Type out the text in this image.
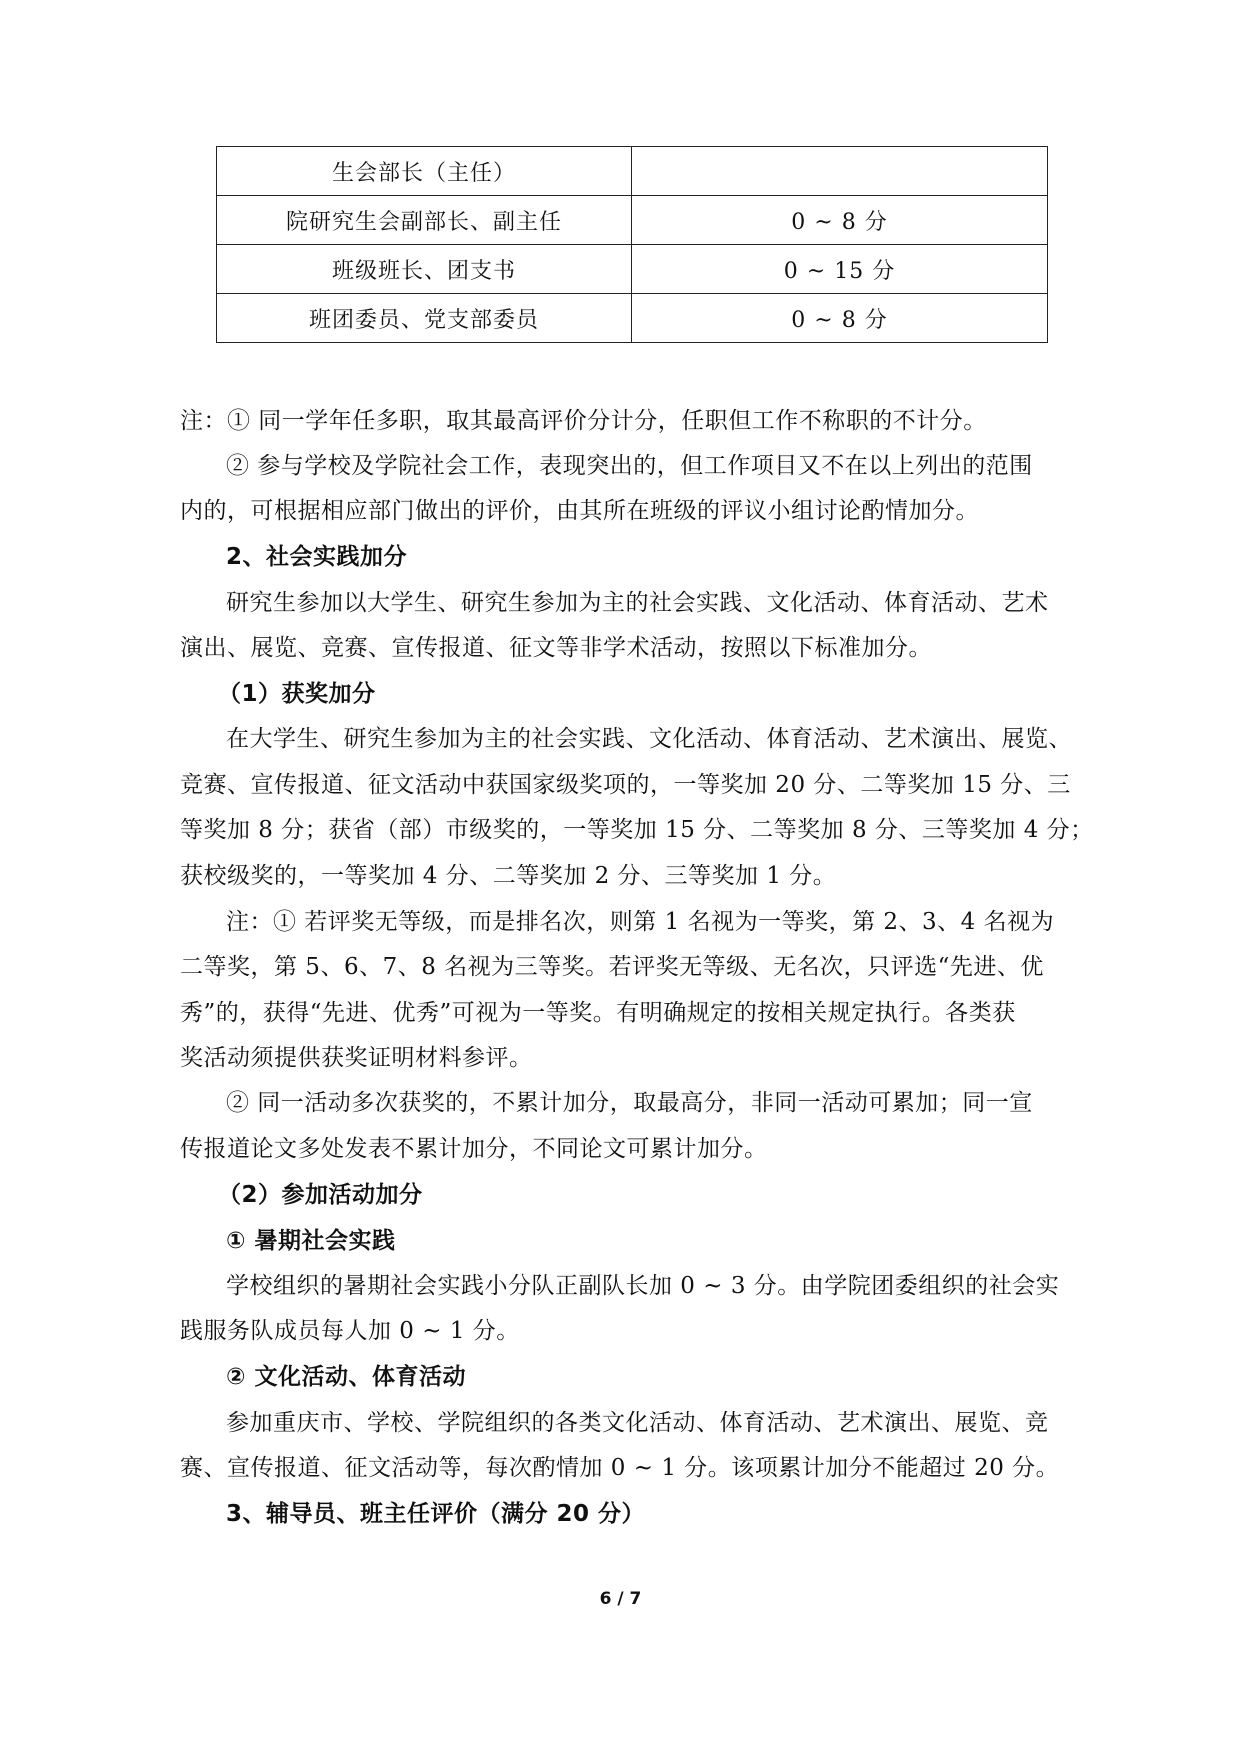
生会部长（主任）	
院研究生会副部长、副主任	0 ~ 8 分
班级班长、团支书	0 ~ 15 分
班团委员、党支部委员	0 ~ 8 分
注：① 同一学年任多职，取其最高评价分计分，任职但工作不称职的不计分。
② 参与学校及学院社会工作，表现突出的，但工作项目又不在以上列出的范围
内的，可根据相应部门做出的评价，由其所在班级的评议小组讨论酌情加分。
2、社会实践加分
研究生参加以大学生、研究生参加为主的社会实践、文化活动、体育活动、艺术
演出、展览、竞赛、宣传报道、征文等非学术活动，按照以下标准加分。
（1）获奖加分
在大学生、研究生参加为主的社会实践、文化活动、体育活动、艺术演出、展览、
竞赛、宣传报道、征文活动中获国家级奖项的，一等奖加 20 分、二等奖加 15 分、三
等奖加 8 分；获省（部）市级奖的，一等奖加 15 分、二等奖加 8 分、三等奖加 4 分；
获校级奖的，一等奖加 4 分、二等奖加 2 分、三等奖加 1 分。
注：① 若评奖无等级，而是排名次，则第 1 名视为一等奖，第 2、3、4 名视为
二等奖，第 5、6、7、8 名视为三等奖。若评奖无等级、无名次，只评选“先进、优
秀”的，获得“先进、优秀”可视为一等奖。有明确规定的按相关规定执行。各类获
奖活动须提供获奖证明材料参评。
② 同一活动多次获奖的，不累计加分，取最高分，非同一活动可累加；同一宣
传报道论文多处发表不累计加分，不同论文可累计加分。
（2）参加活动加分
① 暑期社会实践
学校组织的暑期社会实践小分队正副队长加 0 ~ 3 分。由学院团委组织的社会实
践服务队成员每人加 0 ~ 1 分。
② 文化活动、体育活动
参加重庆市、学校、学院组织的各类文化活动、体育活动、艺术演出、展览、竞
赛、宣传报道、征文活动等，每次酌情加 0 ~ 1 分。该项累计加分不能超过 20 分。
3、辅导员、班主任评价（满分 20 分）
6 / 7
